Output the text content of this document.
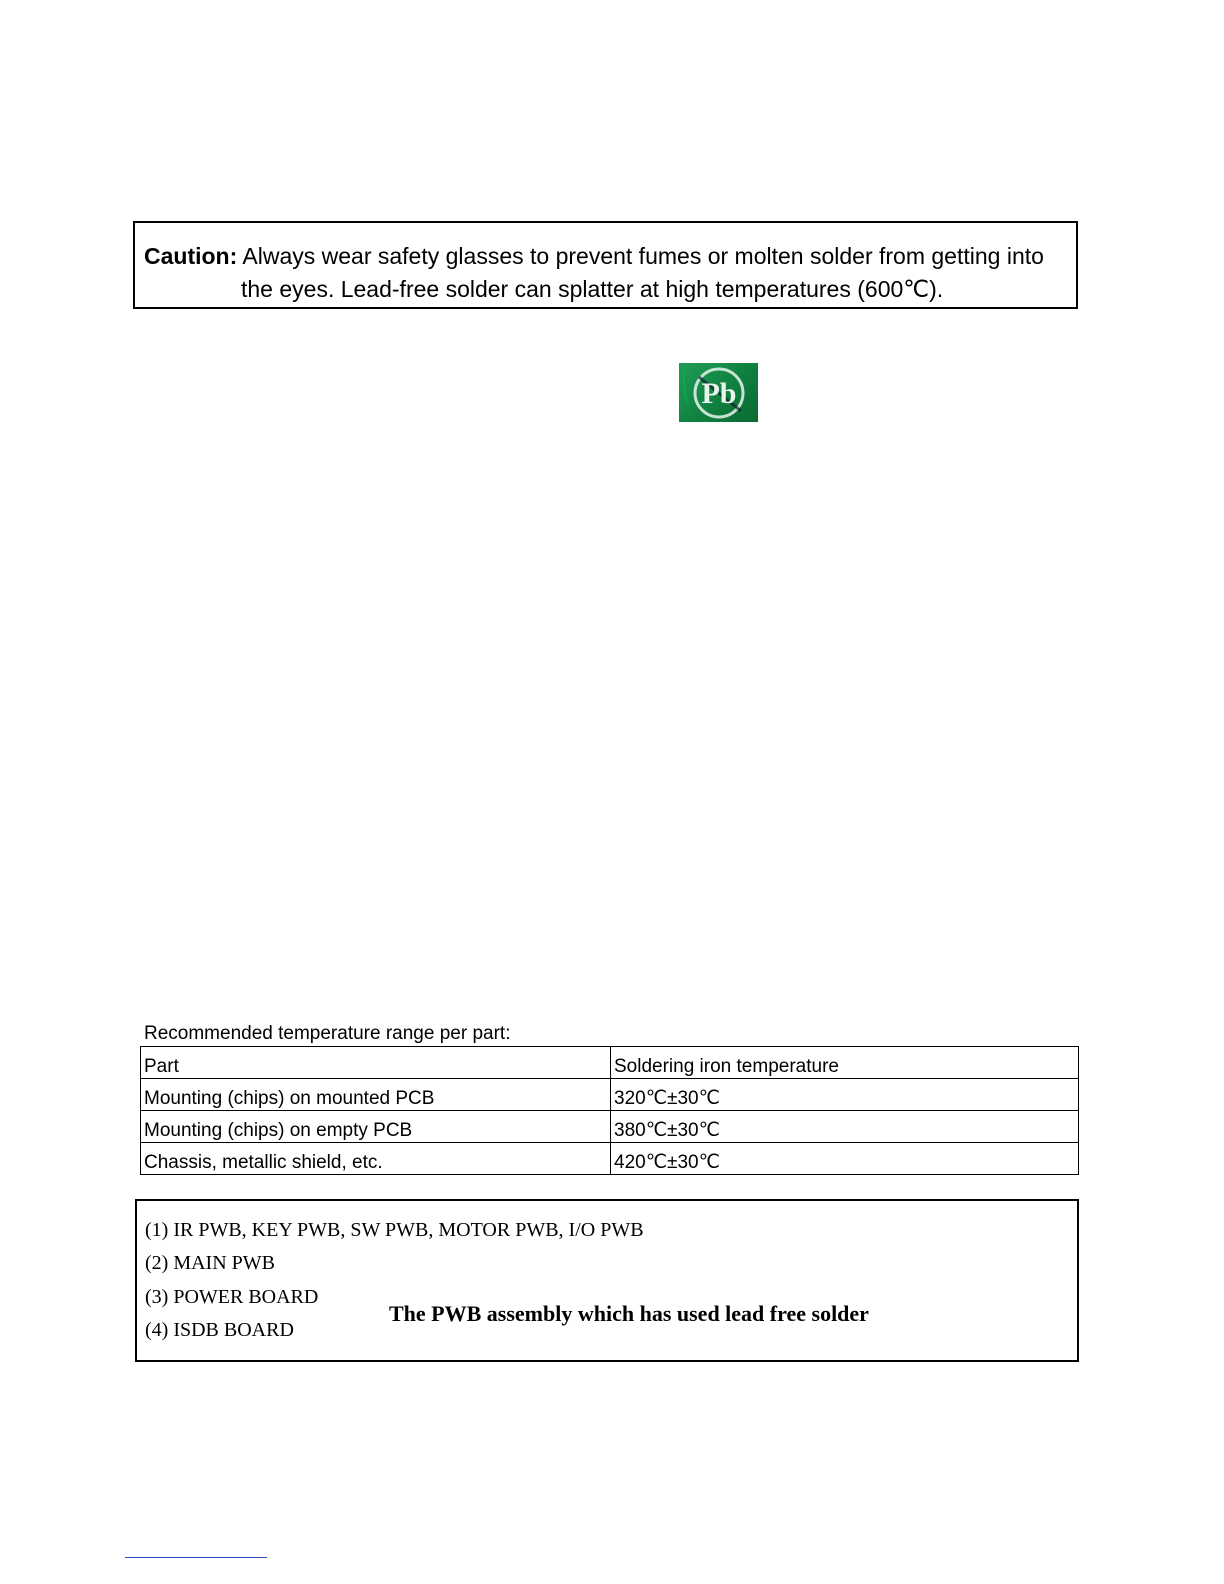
Caution: Always wear safety glasses to prevent fumes or molten solder from getting into
the eyes. Lead-free solder can splatter at high temperatures (600℃).
Pb
Recommended temperature range per part:
Part	Soldering iron temperature
Mounting (chips) on mounted PCB	320℃±30℃
Mounting (chips) on empty PCB	380℃±30℃
Chassis, metallic shield, etc.	420℃±30℃
(1) IR PWB, KEY PWB, SW PWB, MOTOR PWB, I/O PWB
(2) MAIN PWB
(3) POWER BOARD
(4) ISDB BOARD
The PWB assembly which has used lead free solder
